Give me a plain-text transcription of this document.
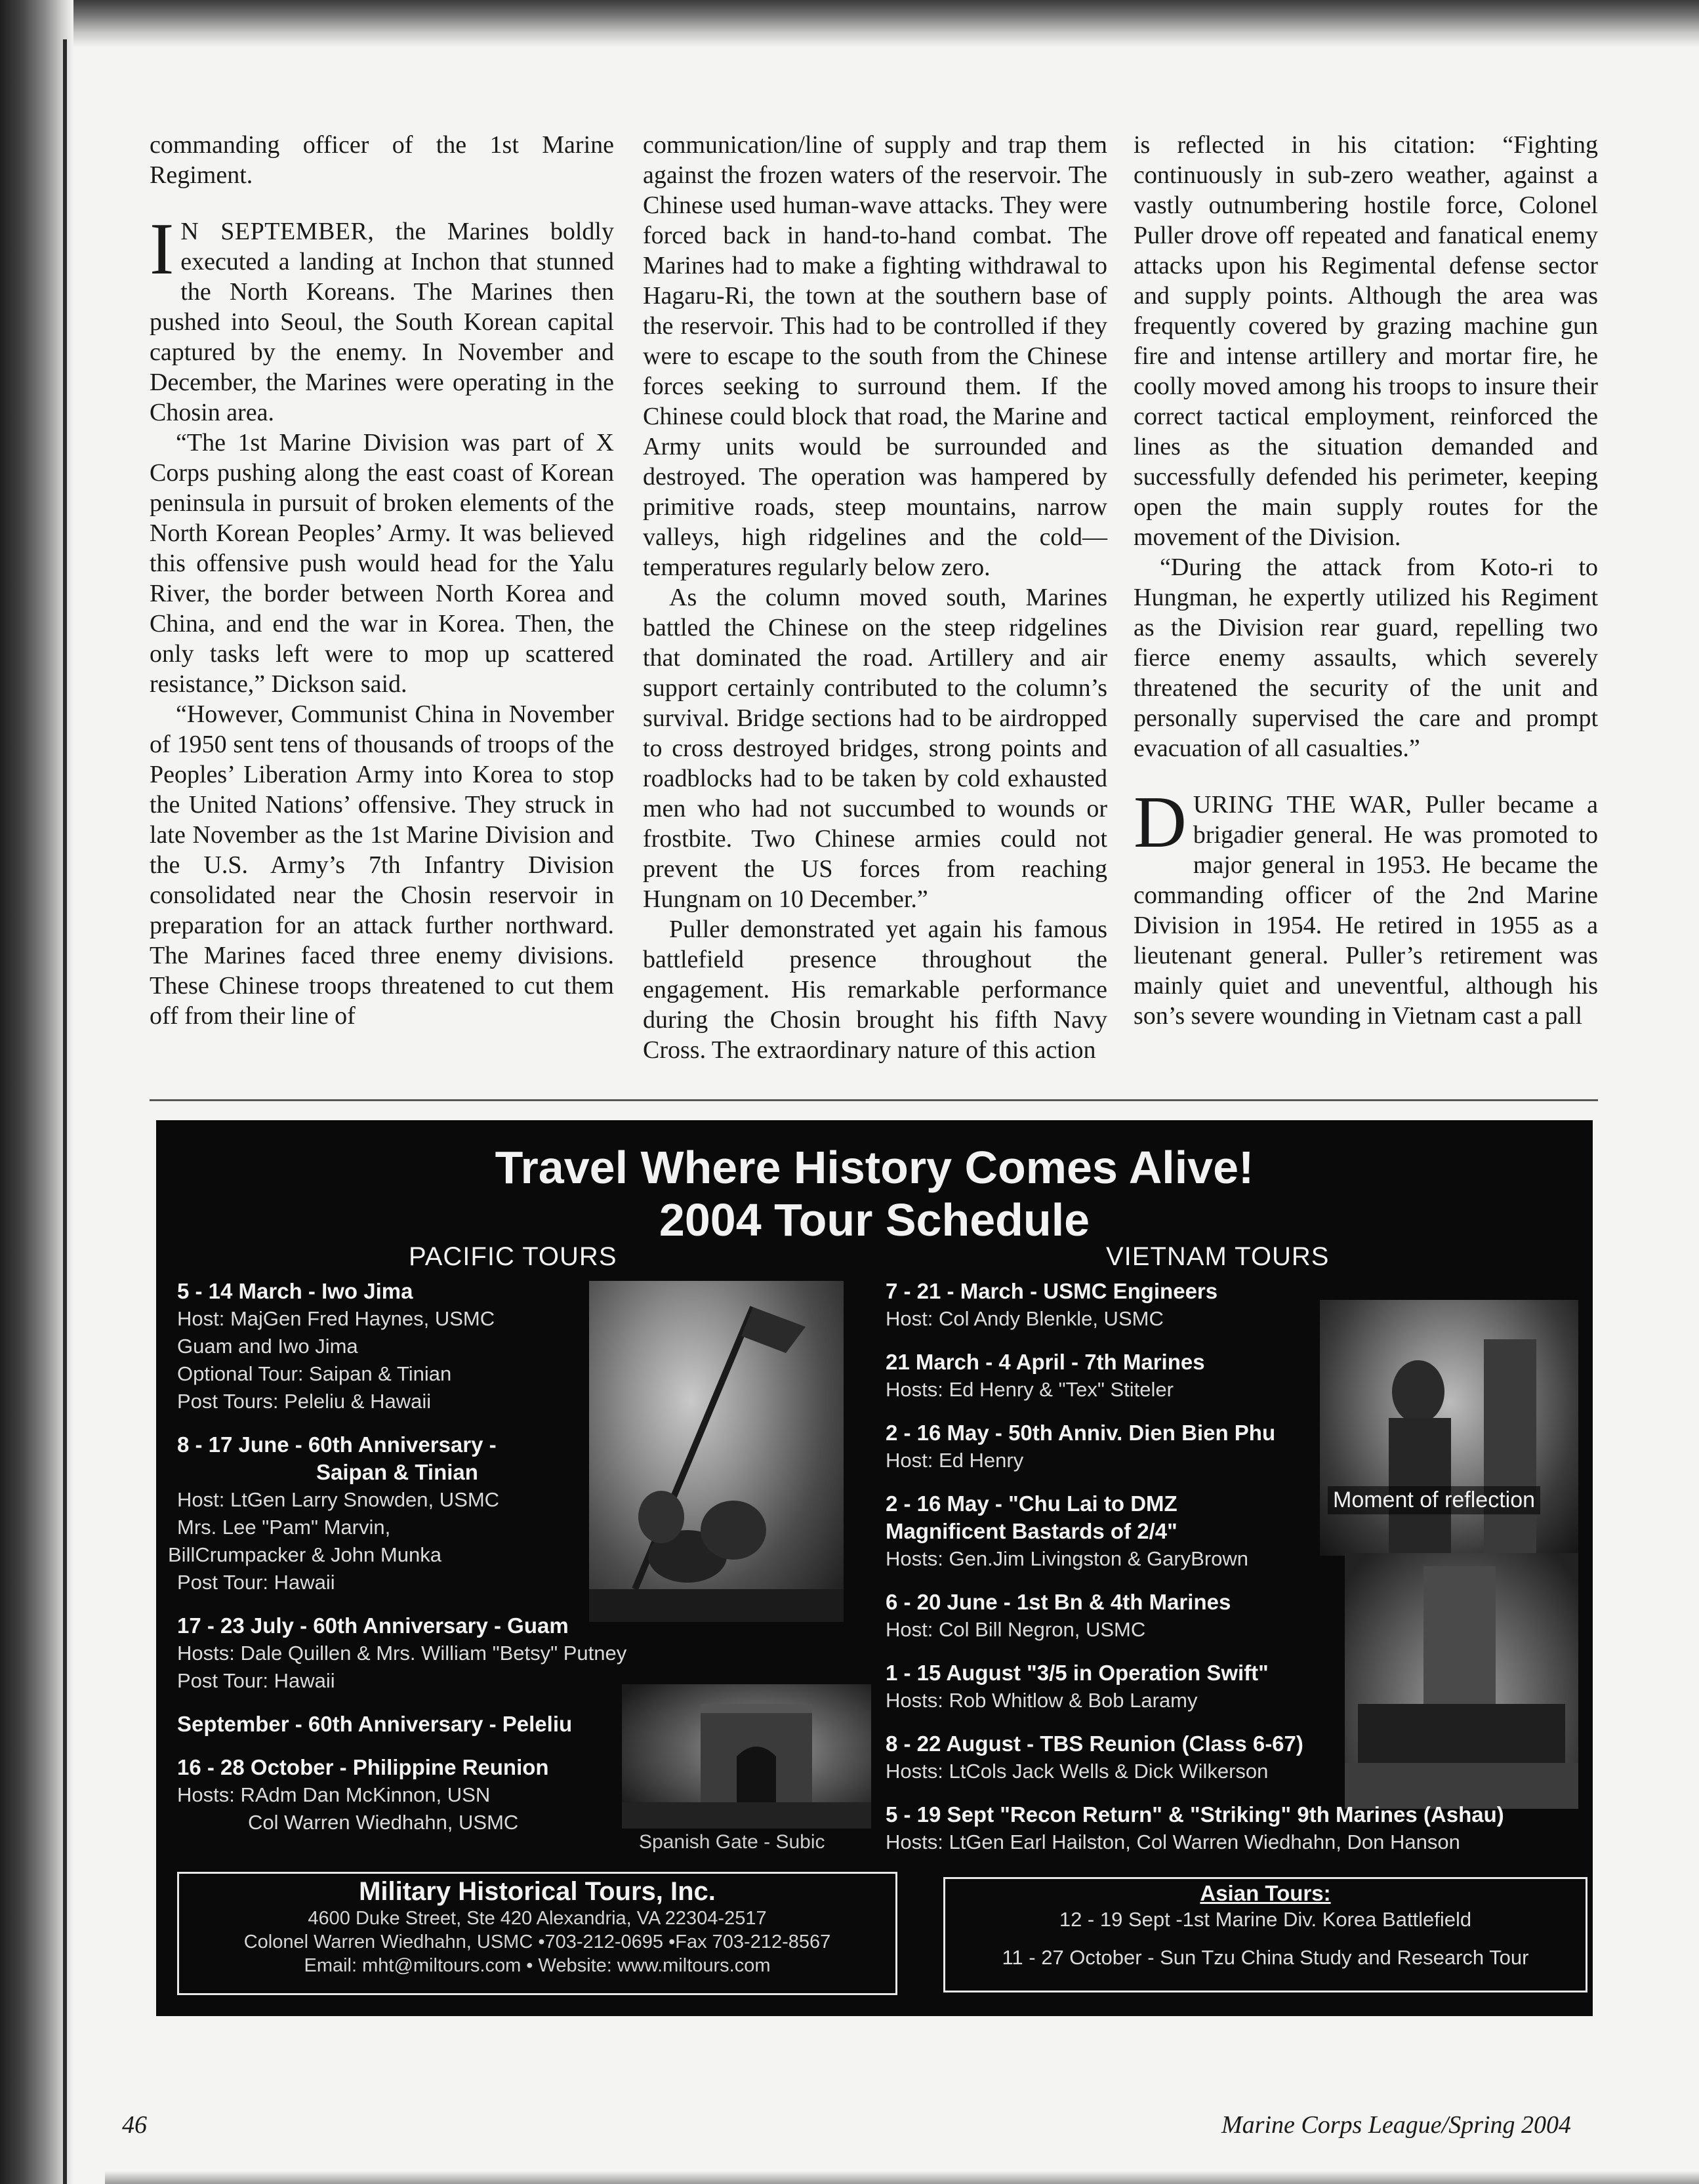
commanding officer of the 1st Marine Regiment.

I N SEPTEMBER, the Marines boldly executed a landing at Inchon that stunned the North Koreans. The Marines then pushed into Seoul, the South Korean capital captured by the enemy. In November and December, the Marines were operating in the Chosin area.

“The 1st Marine Division was part of X Corps pushing along the east coast of Korean peninsula in pursuit of broken elements of the North Korean Peoples’ Army. It was believed this offensive push would head for the Yalu River, the border between North Korea and China, and end the war in Korea. Then, the only tasks left were to mop up scattered resistance,” Dickson said.

“However, Communist China in November of 1950 sent tens of thousands of troops of the Peoples’ Liberation Army into Korea to stop the United Nations’ offensive. They struck in late November as the 1st Marine Division and the U.S. Army’s 7th Infantry Division consolidated near the Chosin reservoir in preparation for an attack further northward. The Marines faced three enemy divisions. These Chinese troops threatened to cut them off from their line of

communication/line of supply and trap them against the frozen waters of the reservoir. The Chinese used human-wave attacks. They were forced back in hand-to-hand combat. The Marines had to make a fighting withdrawal to Hagaru-Ri, the town at the southern base of the reservoir. This had to be controlled if they were to escape to the south from the Chinese forces seeking to surround them. If the Chinese could block that road, the Marine and Army units would be surrounded and destroyed. The operation was hampered by primitive roads, steep mountains, narrow valleys, high ridgelines and the cold—temperatures regularly below zero.

As the column moved south, Marines battled the Chinese on the steep ridgelines that dominated the road. Artillery and air support certainly contributed to the column’s survival. Bridge sections had to be airdropped to cross destroyed bridges, strong points and roadblocks had to be taken by cold exhausted men who had not succumbed to wounds or frostbite. Two Chinese armies could not prevent the US forces from reaching Hungnam on 10 December.”

Puller demonstrated yet again his famous battlefield presence throughout the engagement. His remarkable performance during the Chosin brought his fifth Navy Cross. The extraordinary nature of this action

is reflected in his citation: “Fighting continuously in sub-zero weather, against a vastly outnumbering hostile force, Colonel Puller drove off repeated and fanatical enemy attacks upon his Regimental defense sector and supply points. Although the area was frequently covered by grazing machine gun fire and intense artillery and mortar fire, he coolly moved among his troops to insure their correct tactical employment, reinforced the lines as the situation demanded and successfully defended his perimeter, keeping open the main supply routes for the movement of the Division.

“During the attack from Koto-ri to Hungman, he expertly utilized his Regiment as the Division rear guard, repelling two fierce enemy assaults, which severely threatened the security of the unit and personally supervised the care and prompt evacuation of all casualties.”

DURING THE WAR, Puller became a brigadier general. He was promoted to major general in 1953. He became the commanding officer of the 2nd Marine Division in 1954. He retired in 1955 as a lieutenant general. Puller’s retirement was mainly quiet and uneventful, although his son’s severe wounding in Vietnam cast a pall

Travel Where History Comes Alive!
2004 Tour Schedule
PACIFIC TOURS	VIETNAM TOURS
Moment of reflection
Spanish Gate - Subic
5 - 14 March - Iwo Jima
Host: MajGen Fred Haynes, USMC
Guam and Iwo Jima
Optional Tour: Saipan & Tinian
Post Tours: Peleliu & Hawaii
8 - 17 June - 60th Anniversary -
Saipan & Tinian
Host: LtGen Larry Snowden, USMC
Mrs. Lee "Pam" Marvin,
BillCrumpacker & John Munka
Post Tour: Hawaii
17 - 23 July - 60th Anniversary - Guam
Hosts: Dale Quillen & Mrs. William "Betsy" Putney
Post Tour: Hawaii
September - 60th Anniversary - Peleliu
16 - 28 October - Philippine Reunion
Hosts: RAdm Dan McKinnon, USN
Col Warren Wiedhahn, USMC
7 - 21 - March - USMC Engineers
Host: Col Andy Blenkle, USMC
21 March - 4 April - 7th Marines
Hosts: Ed Henry & "Tex" Stiteler
2 - 16 May - 50th Anniv. Dien Bien Phu
Host: Ed Henry
2 - 16 May - "Chu Lai to DMZ
Magnificent Bastards of 2/4"
Hosts: Gen.Jim Livingston & GaryBrown
6 - 20 June - 1st Bn & 4th Marines
Host: Col Bill Negron, USMC
1 - 15 August "3/5 in Operation Swift"
Hosts: Rob Whitlow & Bob Laramy
8 - 22 August - TBS Reunion (Class 6-67)
Hosts: LtCols Jack Wells & Dick Wilkerson
5 - 19 Sept "Recon Return" & "Striking" 9th Marines (Ashau)
Hosts: LtGen Earl Hailston, Col Warren Wiedhahn, Don Hanson
Military Historical Tours, Inc.
4600 Duke Street, Ste 420 Alexandria, VA 22304-2517
Colonel Warren Wiedhahn, USMC •703-212-0695 •Fax 703-212-8567
Email: mht@miltours.com • Website: www.miltours.com
Asian Tours:
12 - 19 Sept -1st Marine Div. Korea Battlefield
11 - 27 October - Sun Tzu China Study and Research Tour
46	Marine Corps League/Spring 2004
